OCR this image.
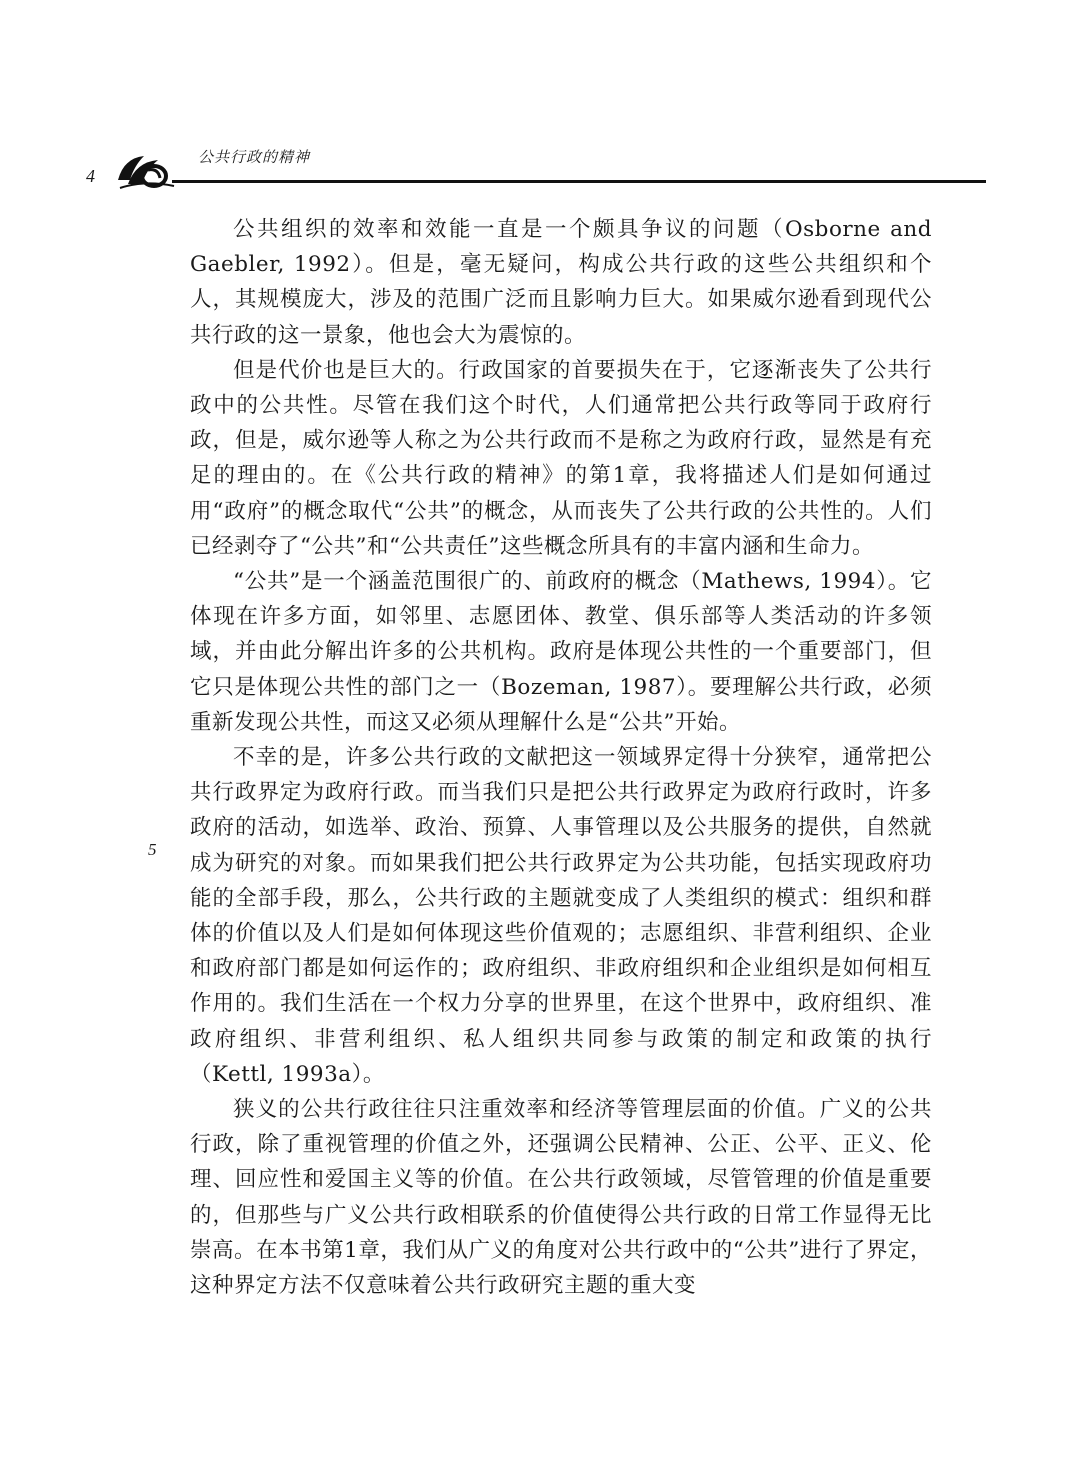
4
公共行政的精神

公共组织的效率和效能一直是一个颇具争议的问题（Osborne and Gaebler, 1992）。但是，毫无疑问，构成公共行政的这些公共组织和个人，其规模庞大，涉及的范围广泛而且影响力巨大。如果威尔逊看到现代公共行政的这一景象，他也会大为震惊的。

但是代价也是巨大的。行政国家的首要损失在于，它逐渐丧失了公共行政中的公共性。尽管在我们这个时代，人们通常把公共行政等同于政府行政，但是，威尔逊等人称之为公共行政而不是称之为政府行政，显然是有充足的理由的。在《公共行政的精神》的第1章，我将描述人们是如何通过用“政府”的概念取代“公共”的概念，从而丧失了公共行政的公共性的。人们已经剥夺了“公共”和“公共责任”这些概念所具有的丰富内涵和生命力。

“公共”是一个涵盖范围很广的、前政府的概念（Mathews, 1994）。它体现在许多方面，如邻里、志愿团体、教堂、俱乐部等人类活动的许多领域，并由此分解出许多的公共机构。政府是体现公共性的一个重要部门，但它只是体现公共性的部门之一（Bozeman, 1987）。要理解公共行政，必须重新发现公共性，而这又必须从理解什么是“公共”开始。

不幸的是，许多公共行政的文献把这一领域界定得十分狭窄，通常把公共行政界定为政府行政。而当我们只是把公共行政界定为政府行政时，许多政府的活动，如选举、政治、预算、人事管理以及公共服务的提供，自然就成为研究的对象。而如果我们把公共行政界定为公共功能，包括实现政府功能的全部手段，那么，公共行政的主题就变成了人类组织的模式：组织和群体的价值以及人们是如何体现这些价值观的；志愿组织、非营利组织、企业和政府部门都是如何运作的；政府组织、非政府组织和企业组织是如何相互作用的。我们生活在一个权力分享的世界里，在这个世界中，政府组织、准政府组织、非营利组织、私人组织共同参与政策的制定和政策的执行（Kettl, 1993a）。

狭义的公共行政往往只注重效率和经济等管理层面的价值。广义的公共行政，除了重视管理的价值之外，还强调公民精神、公正、公平、正义、伦理、回应性和爱国主义等的价值。在公共行政领域，尽管管理的价值是重要的，但那些与广义公共行政相联系的价值使得公共行政的日常工作显得无比崇高。在本书第1章，我们从广义的角度对公共行政中的“公共”进行了界定，这种界定方法不仅意味着公共行政研究主题的重大变

5
